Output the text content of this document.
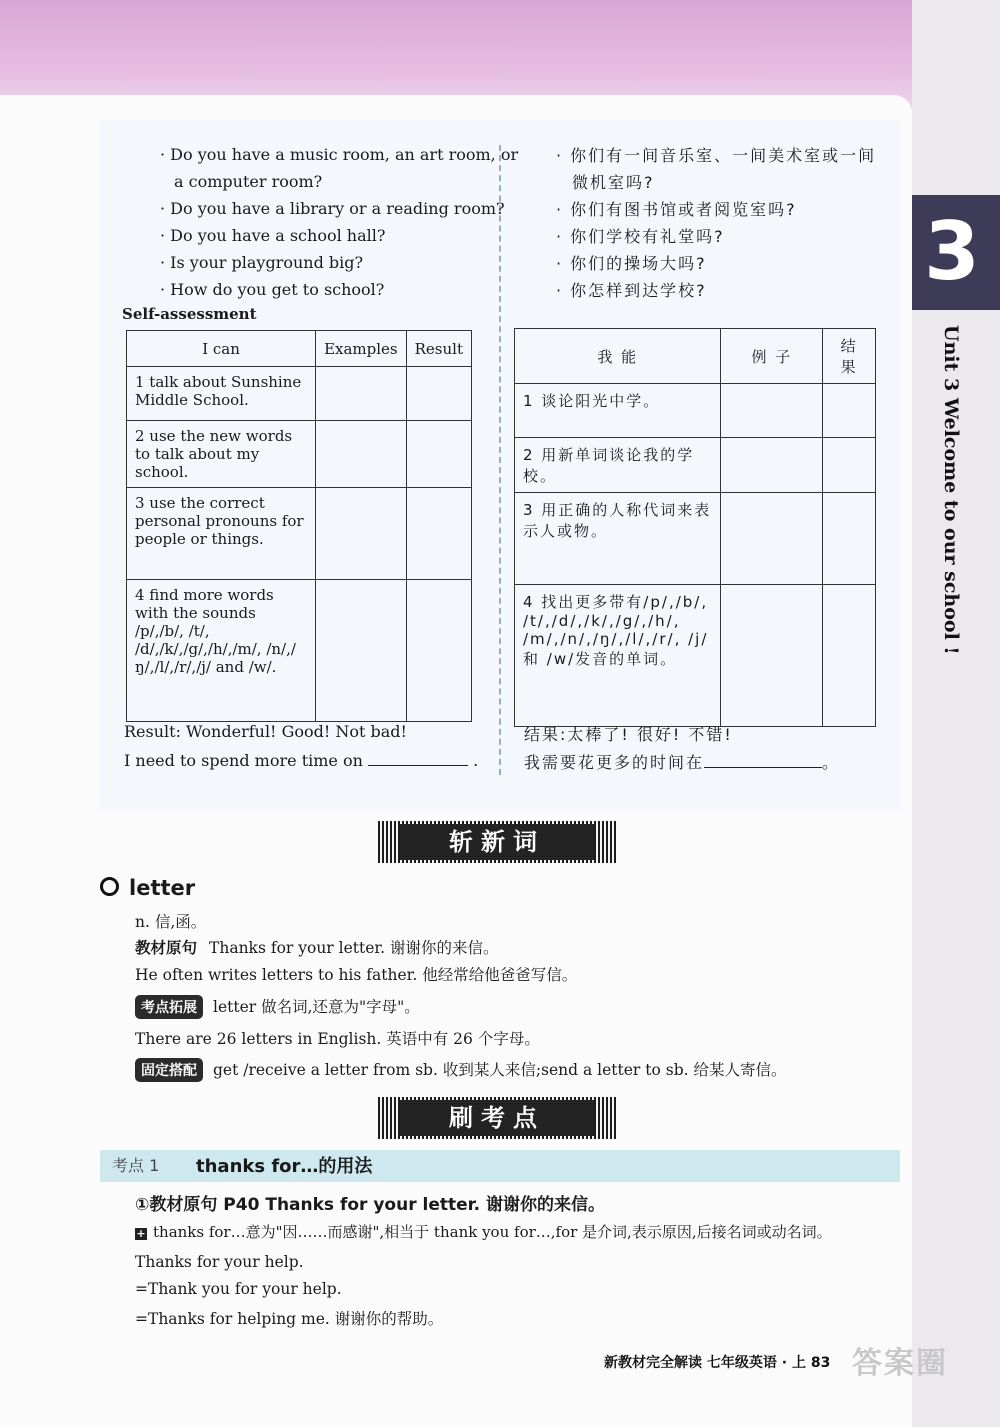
3
Unit 3 Welcome to our school !
· Do you have a music room, an art room, or
a computer room?
· Do you have a library or a reading room?
· Do you have a school hall?
· Is your playground big?
· How do you get to school?
· 你们有一间音乐室、一间美术室或一间
微机室吗?
· 你们有图书馆或者阅览室吗?
· 你们学校有礼堂吗?
· 你们的操场大吗?
· 你怎样到达学校?
Self-assessment
I can	Examples	Result
1 talk about Sunshine Middle School.		
2 use the new words to talk about my school.		
3 use the correct personal pronouns for people or things.		
4 find more words with the sounds /p/,/b/, /t/, /d/,/k/,/g/,/h/,/m/, /n/,/ŋ/,/l/,/r/,/j/ and /w/.		
我 能	例 子	结 果
1 谈论阳光中学。		
2 用新单词谈论我的学校。		
3 用正确的人称代词来表示人或物。		
4 找出更多带有/p/,/b/, /t/,/d/,/k/,/g/,/h/, /m/,/n/,/ŋ/,/l/,/r/, /j/ 和 /w/发音的单词。		
Result: Wonderful! Good! Not bad!
I need to spend more time on	.
结果:太棒了! 很好! 不错!
我需要花更多的时间在	。
斩新词
letter
n. 信,函。
教材原句 Thanks for your letter. 谢谢你的来信。
He often writes letters to his father. 他经常给他爸爸写信。
考点拓展 letter 做名词,还意为"字母"。
There are 26 letters in English. 英语中有 26 个字母。
固定搭配 get /receive a letter from sb. 收到某人来信;send a letter to sb. 给某人寄信。
刷考点
考点 1 thanks for…的用法
①教材原句 P40 Thanks for your letter. 谢谢你的来信。
+ thanks for…意为"因……而感谢",相当于 thank you for…,for 是介词,表示原因,后接名词或动名词。
Thanks for your help.
=Thank you for your help.
=Thanks for helping me. 谢谢你的帮助。
新教材完全解读 七年级英语 · 上 83 答案圈
